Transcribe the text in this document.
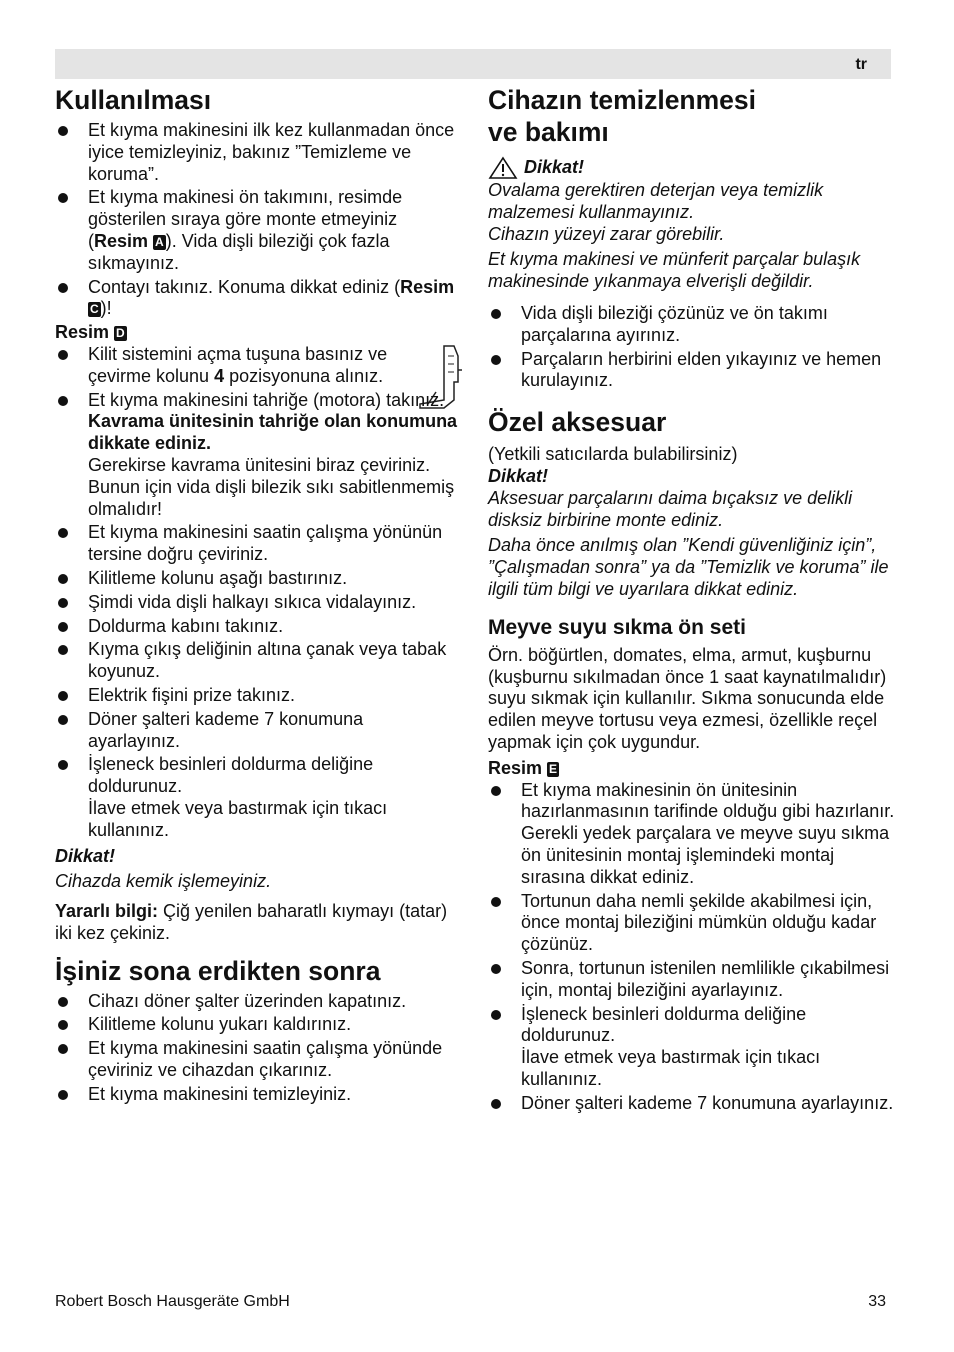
tr
Kullanılması
Et kıyma makinesini ilk kez kullanmadan önce iyice temizleyiniz, bakınız ”Temizleme ve koruma”.
Et kıyma makinesi ön takımını, resimde gösterilen sıraya göre monte etmeyiniz (Resim A ). Vida dişli bileziği çok fazla sıkmayınız.
Contayı takınız. Konuma dikkat ediniz (Resim C )!

Resim D

Kilit sistemini açma tuşuna basınız ve çevirme kolunu 4 pozisyonuna alınız.
Et kıyma makinesini tahriğe (motora) takınız.
Kavrama ünitesinin tahriğe olan konumuna dikkate ediniz.
Gerekirse kavrama ünitesini biraz çeviriniz. Bunun için vida dişli bilezik sıkı sabitlenmemiş olmalıdır!
Et kıyma makinesini saatin çalışma yönünün tersine doğru çeviriniz.
Kilitleme kolunu aşağı bastırınız.
Şimdi vida dişli halkayı sıkıca vidalayınız.
Doldurma kabını takınız.
Kıyma çıkış deliğinin altına çanak veya tabak koyunuz.
Elektrik fişini prize takınız.
Döner şalteri kademe 7 konumuna ayarlayınız.
İşleneck besinleri doldurma deliğine doldurunuz.
İlave etmek veya bastırmak için tıkacı kullanınız.

Dikkat!

Cihazda kemik işlemeyiniz.

Yararlı bilgi: Çiğ yenilen baharatlı kıymayı (tatar) iki kez çekiniz.

İşiniz sona erdikten sonra
Cihazı döner şalter üzerinden kapatınız.
Kilitleme kolunu yukarı kaldırınız.
Et kıyma makinesini saatin çalışma yönünde çeviriniz ve cihazdan çıkarınız.
Et kıyma makinesini temizleyiniz.
Cihazın temizlenmesi
ve bakımı
Dikkat!

Ovalama gerektiren deterjan veya temizlik malzemesi kullanmayınız.

Cihazın yüzeyi zarar görebilir.

Et kıyma makinesi ve münferit parçalar bulaşık makinesinde yıkanmaya elverişli değildir.

Vida dişli bileziği çözünüz ve ön takımı parçalarına ayırınız.
Parçaların herbirini elden yıkayınız ve hemen kurulayınız.
Özel aksesuar

(Yetkili satıcılarda bulabilirsiniz)

Dikkat!

Aksesuar parçalarını daima bıçaksız ve delikli disksiz birbirine monte ediniz.

Daha önce anılmış olan ”Kendi güvenliğiniz için”, ”Çalışmadan sonra” ya da ”Temizlik ve koruma” ile ilgili tüm bilgi ve uyarılara dikkat ediniz.

Meyve suyu sıkma ön seti

Örn. böğürtlen, domates, elma, armut, kuşburnu (kuşburnu sıkılmadan önce 1 saat kaynatılmalıdır) suyu sıkmak için kullanılır. Sıkma sonucunda elde edilen meyve tortusu veya ezmesi, özellikle reçel yapmak için çok uygundur.

Resim E

Et kıyma makinesinin ön ünitesinin hazırlanmasının tarifinde olduğu gibi hazırlanır. Gerekli yedek parçalara ve meyve suyu sıkma ön ünitesinin montaj işlemindeki montaj sırasına dikkat ediniz.
Tortunun daha nemli şekilde akabilmesi için, önce montaj bileziğini mümkün olduğu kadar çözünüz.
Sonra, tortunun istenilen nemlilikle çıkabilmesi için, montaj bileziğini ayarlayınız.
İşleneck besinleri doldurma deliğine doldurunuz.
İlave etmek veya bastırmak için tıkacı kullanınız.
Döner şalteri kademe 7 konumuna ayarlayınız.
Robert Bosch Hausgeräte GmbH	33
